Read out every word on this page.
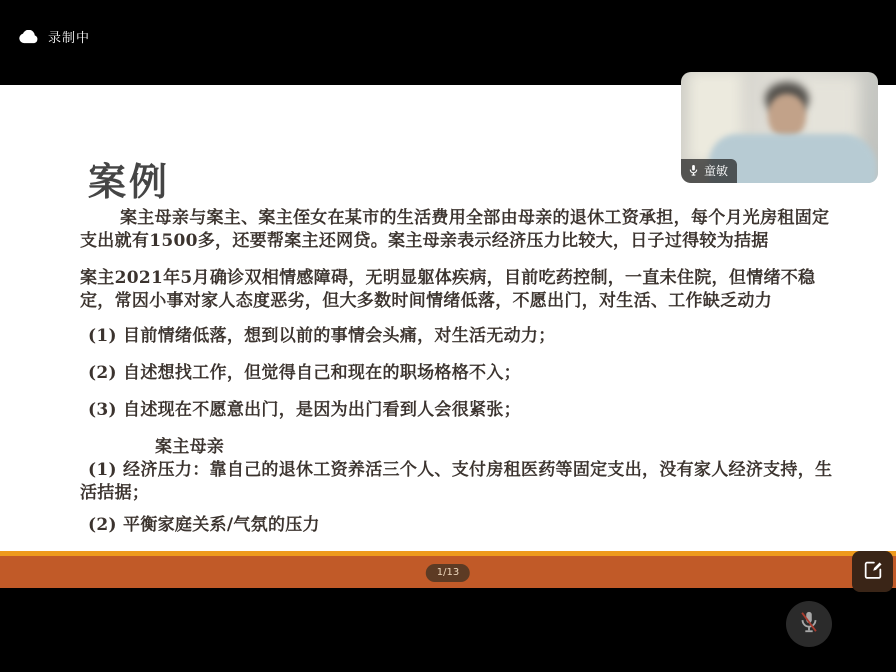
录制中
案例

案主母亲与案主、案主侄女在某市的生活费用全部由母亲的退休工资承担，每个月光房租固定支出就有1500多，还要帮案主还网贷。案主母亲表示经济压力比较大，日子过得较为拮据

案主2021年5月确诊双相情感障碍，无明显躯体疾病，目前吃药控制，一直未住院，但情绪不稳定，常因小事对家人态度恶劣，但大多数时间情绪低落，不愿出门，对生活、工作缺乏动力

(1) 目前情绪低落，想到以前的事情会头痛，对生活无动力；

(2) 自述想找工作，但觉得自己和现在的职场格格不入；

(3) 自述现在不愿意出门，是因为出门看到人会很紧张；

案主母亲

(1) 经济压力：靠自己的退休工资养活三个人、支付房租医药等固定支出，没有家人经济支持，生活拮据；

(2) 平衡家庭关系/气氛的压力

童敏
1/13
